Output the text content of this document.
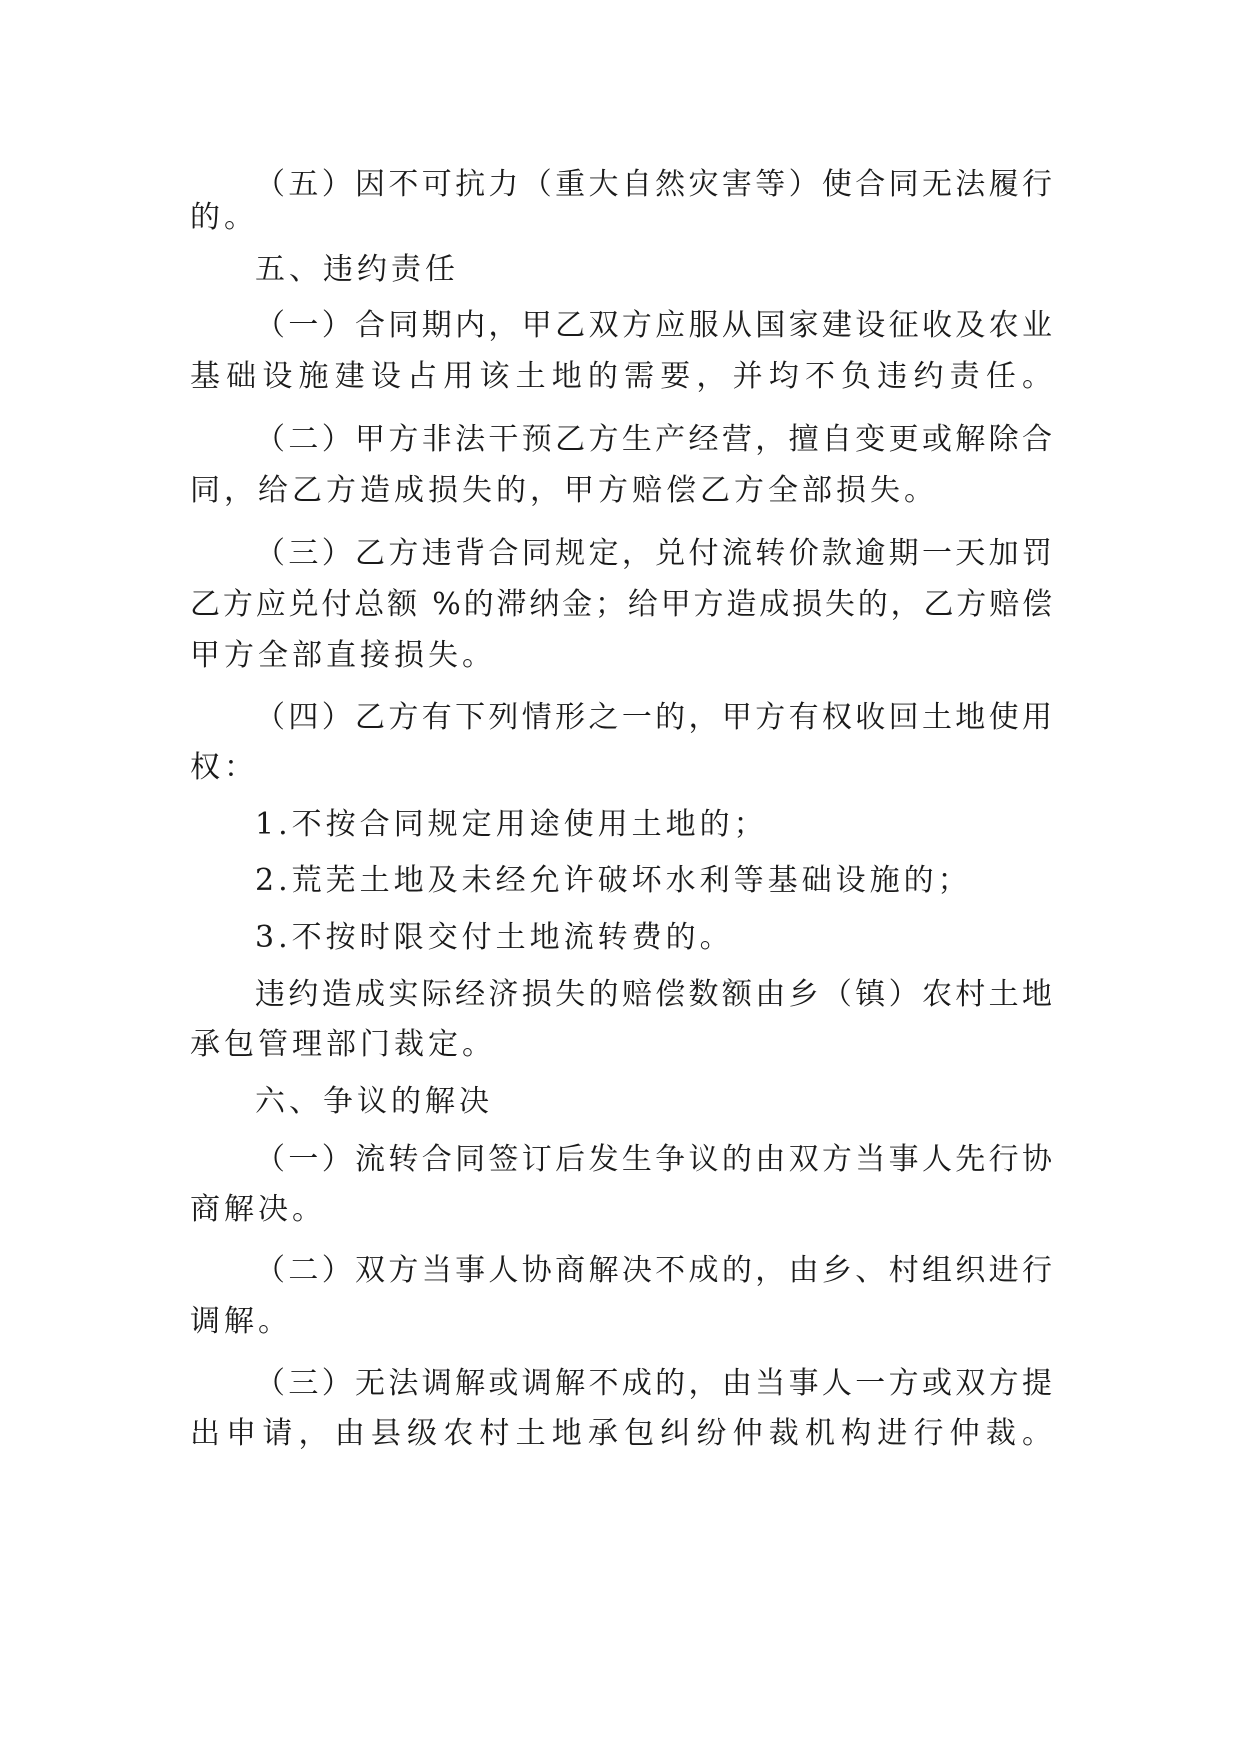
（五）因不可抗力（重大自然灾害等）使合同无法履行
的。
五、违约责任
（一）合同期内，甲乙双方应服从国家建设征收及农业
基础设施建设占用该土地的需要，并均不负违约责任。
（二）甲方非法干预乙方生产经营，擅自变更或解除合
同，给乙方造成损失的，甲方赔偿乙方全部损失。
（三）乙方违背合同规定，兑付流转价款逾期一天加罚
乙方应兑付总额 %的滞纳金；给甲方造成损失的，乙方赔偿
甲方全部直接损失。
（四）乙方有下列情形之一的，甲方有权收回土地使用
权：
1.不按合同规定用途使用土地的；
2.荒芜土地及未经允许破坏水利等基础设施的；
3.不按时限交付土地流转费的。
违约造成实际经济损失的赔偿数额由乡（镇）农村土地
承包管理部门裁定。
六、争议的解决
（一）流转合同签订后发生争议的由双方当事人先行协
商解决。
（二）双方当事人协商解决不成的，由乡、村组织进行
调解。
（三）无法调解或调解不成的，由当事人一方或双方提
出申请，由县级农村土地承包纠纷仲裁机构进行仲裁。
